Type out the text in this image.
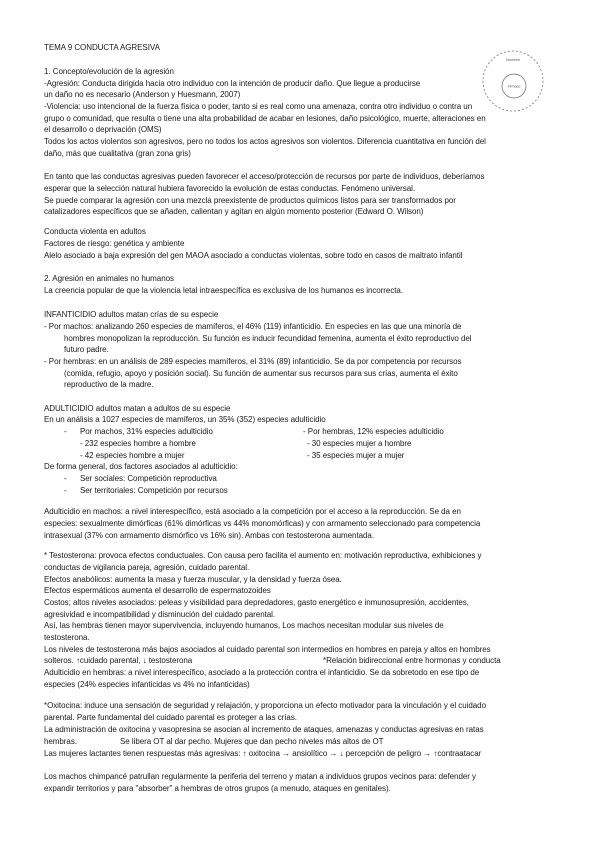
TEMA 9 CONDUCTA AGRESIVA
Nombre
Firmado
1. Concepto/evolución de la agresión
-Agresión: Conducta dirigida hacia otro individuo con la intención de producir daño. Que llegue a producirse
un daño no es necesario (Anderson y Huesmann, 2007)
-Violencia: uso intencional de la fuerza física o poder, tanto si es real como una amenaza, contra otro individuo o contra un
grupo o comunidad, que resulta o tiene una alta probabilidad de acabar en lesiones, daño psicológico, muerte, alteraciones en
el desarrollo o deprivación (OMS)
Todos los actos violentos son agresivos, pero no todos los actos agresivos son violentos. Diferencia cuantitativa en función del
daño, más que cualitativa (gran zona gris)
En tanto que las conductas agresivas pueden favorecer el acceso/protección de recursos por parte de individuos, deberíamos
esperar que la selección natural hubiera favorecido la evolución de estas conductas. Fenómeno universal.
Se puede comparar la agresión con una mezcla preexistente de productos químicos listos para ser transformados por
catalizadores específicos que se añaden, calientan y agitan en algún momento posterior (Edward O. Wilson)
Conducta violenta en adultos
Factores de riesgo: genética y ambiente
Alelo asociado a baja expresión del gen MAOA asociado a conductas violentas, sobre todo en casos de maltrato infantil
2. Agresión en animales no humanos
La creencia popular de que la violencia letal intraespecífica es exclusiva de los humanos es incorrecta.
INFANTICIDIO adultos matan crías de su especie
- Por machos: analizando 260 especies de mamíferos, el 46% (119) infanticidio. En especies en las que una minoría de
hombres monopolizan la reproducción. Su función es inducir fecundidad femenina, aumenta el éxito reproductivo del
futuro padre.
- Por hembras: en un análisis de 289 especies mamíferos, el 31% (89) infanticidio. Se da por competencia por recursos
(comida, refugio, apoyo y posición social). Su función de aumentar sus recursos para sus crías, aumenta el éxito
reproductivo de la madre.
ADULTICIDIO adultos matan a adultos de su especie
En un análisis a 1027 especies de mamíferos, un 35% (352) especies adulticidio
-	Por machos, 31% especies adulticidio	- Por hembras, 12% especies adulticidio
- 232 especies hombre a hombre	- 30 especies mujer a hombre
- 42 especies hombre a mujer	- 35 especies mujer a mujer
De forma general, dos factores asociados al adulticidio:
-	Ser sociales: Competición reproductiva
-	Ser territoriales: Competición por recursos
Adulticidio en machos: a nivel interespecífico, está asociado a la competición por el acceso a la reproducción. Se da en
especies: sexualmente dimórficas (61% dimórficas vs 44% monomórficas) y con armamento seleccionado para competencia
intrasexual (37% con armamento dismórfico vs 16% sin). Ambas con testosterona aumentada.
* Testosterona: provoca efectos conductuales. Con causa pero facilita el aumento en: motivación reproductiva, exhibiciones y
conductas de vigilancia pareja, agresión, cuidado parental.
Efectos anabólicos: aumenta la masa y fuerza muscular, y la densidad y fuerza ósea.
Efectos espermáticos aumenta el desarrollo de espermatozoides
Costos; altos niveles asociados: peleas y visibilidad para depredadores, gasto energético e inmunosupresión, accidentes,
agresividad e incompatibilidad y disminución del cuidado parental.
Así, las hembras tienen mayor supervivencia, incluyendo humanos, Los machos necesitan modular sus niveles de
testosterona.
Los niveles de testosterona más bajos asociados al cuidado parental son intermedios en hombres en pareja y altos en hombres
solteros. ↑cuidado parental, ↓ testosterona	*Relación bidireccional entre hormonas y conducta
Adulticidio en hembras: a nivel interespecífico, asociado a la protección contra el infanticidio. Se da sobretodo en ese tipo de
especies (24% especies infanticidas vs 4% no infanticidas)
*Oxitocina: induce una sensación de seguridad y relajación, y proporciona un efecto motivador para la vinculación y el cuidado
parental. Parte fundamental del cuidado parental es proteger a las crías.
La administración de oxitocina y vasopresina se asocian al incremento de ataques, amenazas y conductas agresivas en ratas
hembras.	Se libera OT al dar pecho. Mujeres que dan pecho niveles más altos de OT
Las mujeres lactantes tienen respuestas más agresivas: ↑ oxitocina → ansiolítico → ↓ percepción de peligro → ↑contraatacar
Los machos chimpancé patrullan regularmente la periferia del terreno y matan a individuos grupos vecinos para: defender y
expandir territorios y para "absorber" a hembras de otros grupos (a menudo, ataques en genitales).
